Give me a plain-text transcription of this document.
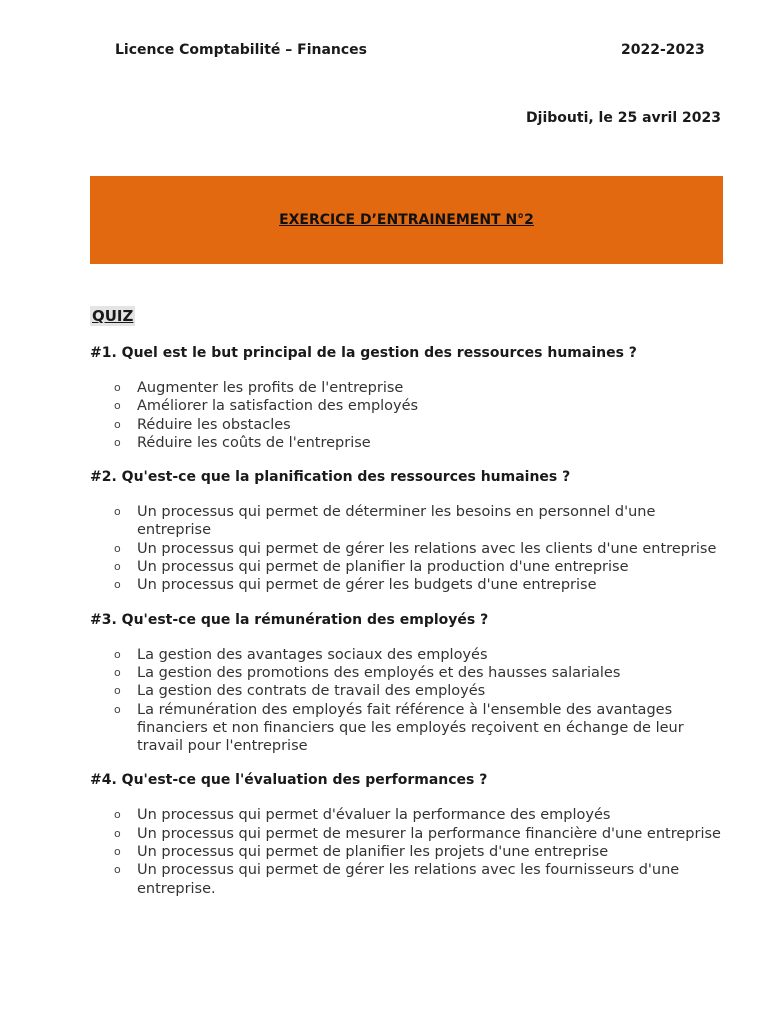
Licence Comptabilité – Finances	2022-2023
Djibouti, le 25 avril 2023
EXERCICE D’ENTRAINEMENT N°2
QUIZ
#1. Quel est le but principal de la gestion des ressources humaines ?
o Augmenter les profits de l'entreprise
o Améliorer la satisfaction des employés
o Réduire les obstacles
o Réduire les coûts de l'entreprise
#2. Qu'est-ce que la planification des ressources humaines ?
o Un processus qui permet de déterminer les besoins en personnel d'une entreprise
o Un processus qui permet de gérer les relations avec les clients d'une entreprise
o Un processus qui permet de planifier la production d'une entreprise
o Un processus qui permet de gérer les budgets d'une entreprise
#3. Qu'est-ce que la rémunération des employés ?
o La gestion des avantages sociaux des employés
o La gestion des promotions des employés et des hausses salariales
o La gestion des contrats de travail des employés
o La rémunération des employés fait référence à l'ensemble des avantages financiers et non financiers que les employés reçoivent en échange de leur travail pour l'entreprise
#4. Qu'est-ce que l'évaluation des performances ?
o Un processus qui permet d'évaluer la performance des employés
o Un processus qui permet de mesurer la performance financière d'une entreprise
o Un processus qui permet de planifier les projets d'une entreprise
o Un processus qui permet de gérer les relations avec les fournisseurs d'une entreprise.
